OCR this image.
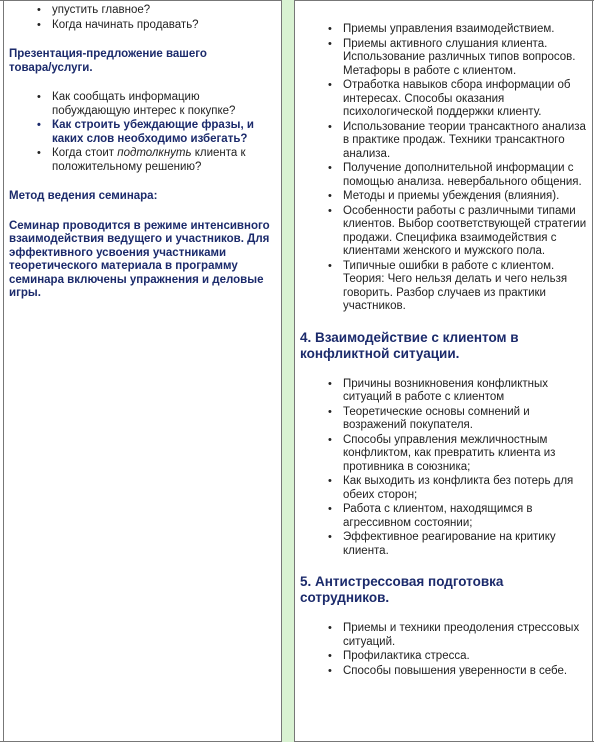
• упустить главное?
• Когда начинать продавать?

Презентация-предложение вашего товара/услуги.

• Как сообщать информацию побуждающую интерес к покупке?
• Как строить убеждающие фразы, и каких слов необходимо избегать?
• Когда стоит подтолкнуть клиента к положительному решению?

Метод ведения семинара:

Семинар проводится в режиме интенсивного взаимодействия ведущего и участников. Для эффективного усвоения участниками теоретического материала в программу семинара включены упражнения и деловые игры.

• Приемы управления взаимодействием.
• Приемы активного слушания клиента. Использование различных типов вопросов. Метафоры в работе с клиентом.
• Отработка навыков сбора информации об интересах. Способы оказания психологической поддержки клиенту.
• Использование теории трансактного анализа в практике продаж. Техники трансактного анализа.
• Получение дополнительной информации с помощью анализа. невербального общения.
• Методы и приемы убеждения (влияния).
• Особенности работы с различными типами клиентов. Выбор соответствующей стратегии продажи. Специфика взаимодействия с клиентами женского и мужского пола.
• Типичные ошибки в работе с клиентом. Теория: Чего нельзя делать и чего нельзя говорить. Разбор случаев из практики участников.

4. Взаимодействие с клиентом в конфликтной ситуации.

• Причины возникновения конфликтных ситуаций в работе с клиентом
• Теоретические основы сомнений и возражений покупателя.
• Способы управления межличностным конфликтом, как превратить клиента из противника в союзника;
• Как выходить из конфликта без потерь для обеих сторон;
• Работа с клиентом, находящимся в агрессивном состоянии;
• Эффективное реагирование на критику клиента.

5. Антистрессовая подготовка сотрудников.

• Приемы и техники преодоления стрессовых ситуаций.
• Профилактика стресса.
• Способы повышения уверенности в себе.
